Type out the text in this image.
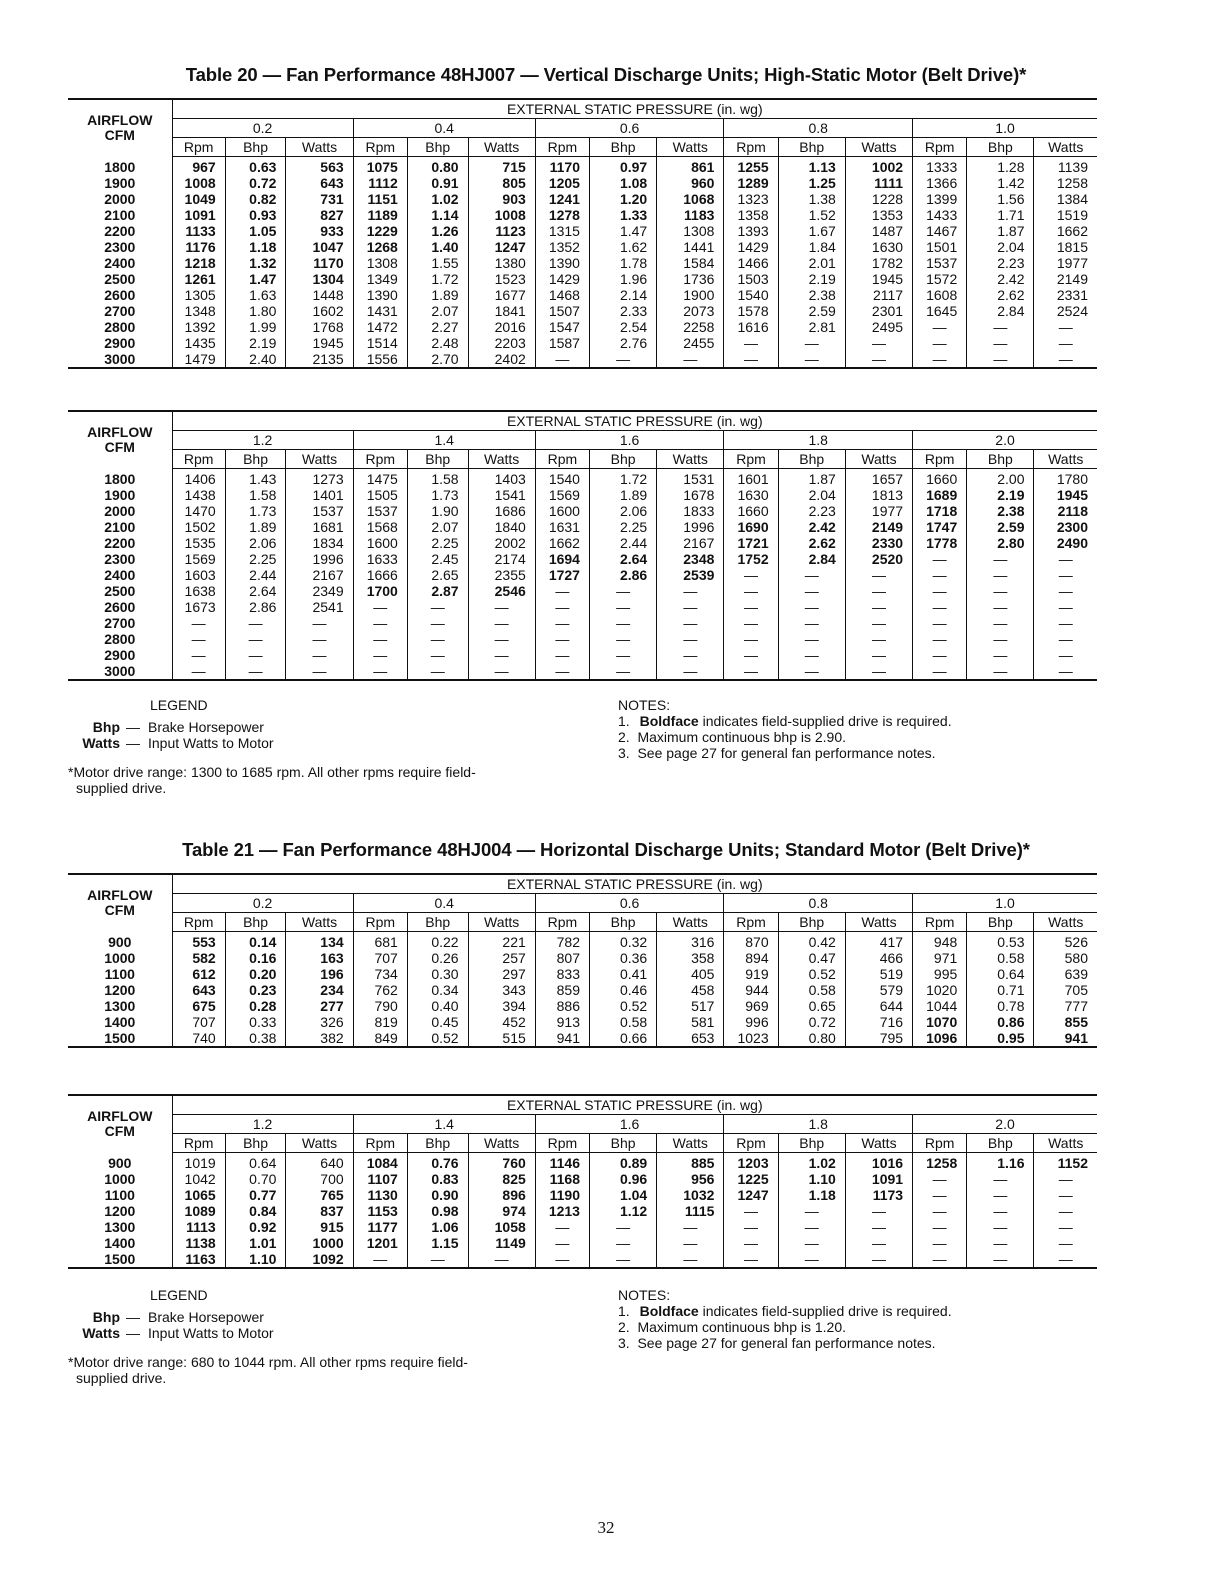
Table 20 — Fan Performance 48HJ007 — Vertical Discharge Units; High-Static Motor (Belt Drive)*
AIRFLOW
CFM	EXTERNAL STATIC PRESSURE (in. wg)														
	0.2			0.4			0.6			0.8			1.0		
	Rpm	Bhp	Watts	Rpm	Bhp	Watts	Rpm	Bhp	Watts	Rpm	Bhp	Watts	Rpm	Bhp	Watts
1800	967	0.63	563	1075	0.80	715	1170	0.97	861	1255	1.13	1002	1333	1.28	1139
1900	1008	0.72	643	1112	0.91	805	1205	1.08	960	1289	1.25	1111	1366	1.42	1258
2000	1049	0.82	731	1151	1.02	903	1241	1.20	1068	1323	1.38	1228	1399	1.56	1384
2100	1091	0.93	827	1189	1.14	1008	1278	1.33	1183	1358	1.52	1353	1433	1.71	1519
2200	1133	1.05	933	1229	1.26	1123	1315	1.47	1308	1393	1.67	1487	1467	1.87	1662
2300	1176	1.18	1047	1268	1.40	1247	1352	1.62	1441	1429	1.84	1630	1501	2.04	1815
2400	1218	1.32	1170	1308	1.55	1380	1390	1.78	1584	1466	2.01	1782	1537	2.23	1977
2500	1261	1.47	1304	1349	1.72	1523	1429	1.96	1736	1503	2.19	1945	1572	2.42	2149
2600	1305	1.63	1448	1390	1.89	1677	1468	2.14	1900	1540	2.38	2117	1608	2.62	2331
2700	1348	1.80	1602	1431	2.07	1841	1507	2.33	2073	1578	2.59	2301	1645	2.84	2524
2800	1392	1.99	1768	1472	2.27	2016	1547	2.54	2258	1616	2.81	2495	—	—	—
2900	1435	2.19	1945	1514	2.48	2203	1587	2.76	2455	—	—	—	—	—	—
3000	1479	2.40	2135	1556	2.70	2402	—	—	—	—	—	—	—	—	—
AIRFLOW
CFM	EXTERNAL STATIC PRESSURE (in. wg)														
	1.2			1.4			1.6			1.8			2.0		
	Rpm	Bhp	Watts	Rpm	Bhp	Watts	Rpm	Bhp	Watts	Rpm	Bhp	Watts	Rpm	Bhp	Watts
1800	1406	1.43	1273	1475	1.58	1403	1540	1.72	1531	1601	1.87	1657	1660	2.00	1780
1900	1438	1.58	1401	1505	1.73	1541	1569	1.89	1678	1630	2.04	1813	1689	2.19	1945
2000	1470	1.73	1537	1537	1.90	1686	1600	2.06	1833	1660	2.23	1977	1718	2.38	2118
2100	1502	1.89	1681	1568	2.07	1840	1631	2.25	1996	1690	2.42	2149	1747	2.59	2300
2200	1535	2.06	1834	1600	2.25	2002	1662	2.44	2167	1721	2.62	2330	1778	2.80	2490
2300	1569	2.25	1996	1633	2.45	2174	1694	2.64	2348	1752	2.84	2520	—	—	—
2400	1603	2.44	2167	1666	2.65	2355	1727	2.86	2539	—	—	—	—	—	—
2500	1638	2.64	2349	1700	2.87	2546	—	—	—	—	—	—	—	—	—
2600	1673	2.86	2541	—	—	—	—	—	—	—	—	—	—	—	—
2700	—	—	—	—	—	—	—	—	—	—	—	—	—	—	—
2800	—	—	—	—	—	—	—	—	—	—	—	—	—	—	—
2900	—	—	—	—	—	—	—	—	—	—	—	—	—	—	—
3000	—	—	—	—	—	—	—	—	—	—	—	—	—	—	—
LEGEND
Bhp — Brake Horsepower
Watts — Input Watts to Motor
*Motor drive range: 1300 to 1685 rpm. All other rpms require field-
supplied drive.
NOTES:
1. Boldface indicates field-supplied drive is required.
2.  Maximum continuous bhp is 2.90.
3.  See page 27 for general fan performance notes.
Table 21 — Fan Performance 48HJ004 — Horizontal Discharge Units; Standard Motor (Belt Drive)*
AIRFLOW
CFM	EXTERNAL STATIC PRESSURE (in. wg)														
	0.2			0.4			0.6			0.8			1.0		
	Rpm	Bhp	Watts	Rpm	Bhp	Watts	Rpm	Bhp	Watts	Rpm	Bhp	Watts	Rpm	Bhp	Watts
900	553	0.14	134	681	0.22	221	782	0.32	316	870	0.42	417	948	0.53	526
1000	582	0.16	163	707	0.26	257	807	0.36	358	894	0.47	466	971	0.58	580
1100	612	0.20	196	734	0.30	297	833	0.41	405	919	0.52	519	995	0.64	639
1200	643	0.23	234	762	0.34	343	859	0.46	458	944	0.58	579	1020	0.71	705
1300	675	0.28	277	790	0.40	394	886	0.52	517	969	0.65	644	1044	0.78	777
1400	707	0.33	326	819	0.45	452	913	0.58	581	996	0.72	716	1070	0.86	855
1500	740	0.38	382	849	0.52	515	941	0.66	653	1023	0.80	795	1096	0.95	941
AIRFLOW
CFM	EXTERNAL STATIC PRESSURE (in. wg)														
	1.2			1.4			1.6			1.8			2.0		
	Rpm	Bhp	Watts	Rpm	Bhp	Watts	Rpm	Bhp	Watts	Rpm	Bhp	Watts	Rpm	Bhp	Watts
900	1019	0.64	640	1084	0.76	760	1146	0.89	885	1203	1.02	1016	1258	1.16	1152
1000	1042	0.70	700	1107	0.83	825	1168	0.96	956	1225	1.10	1091	—	—	—
1100	1065	0.77	765	1130	0.90	896	1190	1.04	1032	1247	1.18	1173	—	—	—
1200	1089	0.84	837	1153	0.98	974	1213	1.12	1115	—	—	—	—	—	—
1300	1113	0.92	915	1177	1.06	1058	—	—	—	—	—	—	—	—	—
1400	1138	1.01	1000	1201	1.15	1149	—	—	—	—	—	—	—	—	—
1500	1163	1.10	1092	—	—	—	—	—	—	—	—	—	—	—	—
LEGEND
Bhp — Brake Horsepower
Watts — Input Watts to Motor
*Motor drive range: 680 to 1044 rpm. All other rpms require field-
supplied drive.
NOTES:
1. Boldface indicates field-supplied drive is required.
2.  Maximum continuous bhp is 1.20.
3.  See page 27 for general fan performance notes.
32
